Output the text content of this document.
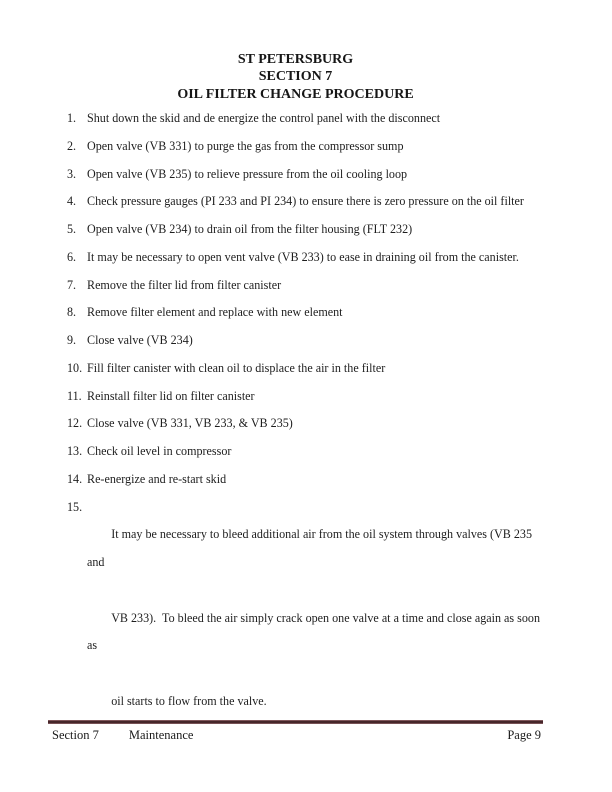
ST PETERSBURG
SECTION 7
OIL FILTER CHANGE PROCEDURE
1. Shut down the skid and de energize the control panel with the disconnect
2. Open valve (VB 331) to purge the gas from the compressor sump
3. Open valve (VB 235) to relieve pressure from the oil cooling loop
4. Check pressure gauges (PI 233 and PI 234) to ensure there is zero pressure on the oil filter
5. Open valve (VB 234) to drain oil from the filter housing (FLT 232)
6. It may be necessary to open vent valve (VB 233) to ease in draining oil from the canister.
7. Remove the filter lid from filter canister
8. Remove filter element and replace with new element
9. Close valve (VB 234)
10. Fill filter canister with clean oil to displace the air in the filter
11. Reinstall filter lid on filter canister
12. Close valve (VB 331, VB 233, & VB 235)
13. Check oil level in compressor
14. Re-energize and re-start skid
15.

It may be necessary to bleed additional air from the oil system through valves (VB 235 and

VB 233).  To bleed the air simply crack open one valve at a time and close again as soon as

oil starts to flow from the valve.

Section 7 Maintenance	Page 9
